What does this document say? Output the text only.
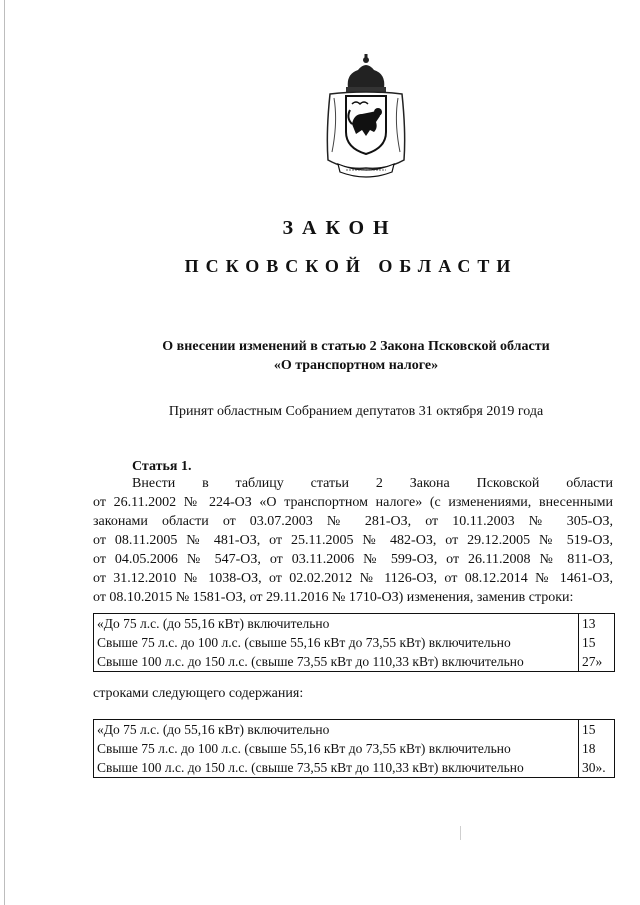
ЗАКОН
ПСКОВСКОЙ ОБЛАСТИ
О внесении изменений в статью 2 Закона Псковской области
«О транспортном налоге»
Принят областным Собранием депутатов 31 октября 2019 года
Статья 1.
Внести в таблицу статьи 2 Закона Псковской области
от 26.11.2002 № 224-ОЗ «О транспортном налоге» (с изменениями, внесенными
законами области от 03.07.2003 № 281-ОЗ, от 10.11.2003 № 305-ОЗ,
от 08.11.2005 № 481-ОЗ, от 25.11.2005 № 482-ОЗ, от 29.12.2005 № 519-ОЗ,
от 04.05.2006 № 547-ОЗ, от 03.11.2006 № 599-ОЗ, от 26.11.2008 № 811-ОЗ,
от 31.12.2010 № 1038-ОЗ, от 02.02.2012 № 1126-ОЗ, от 08.12.2014 № 1461-ОЗ,
от 08.10.2015 № 1581-ОЗ, от 29.11.2016 № 1710-ОЗ) изменения, заменив строки:
«До 75 л.с. (до 55,16 кВт) включительно	13
Свыше 75 л.с. до 100 л.с. (свыше 55,16 кВт до 73,55 кВт) включительно	15
Свыше 100 л.с. до 150 л.с. (свыше 73,55 кВт до 110,33 кВт) включительно	27»
строками следующего содержания:
«До 75 л.с. (до 55,16 кВт) включительно	15
Свыше 75 л.с. до 100 л.с. (свыше 55,16 кВт до 73,55 кВт) включительно	18
Свыше 100 л.с. до 150 л.с. (свыше 73,55 кВт до 110,33 кВт) включительно	30».
